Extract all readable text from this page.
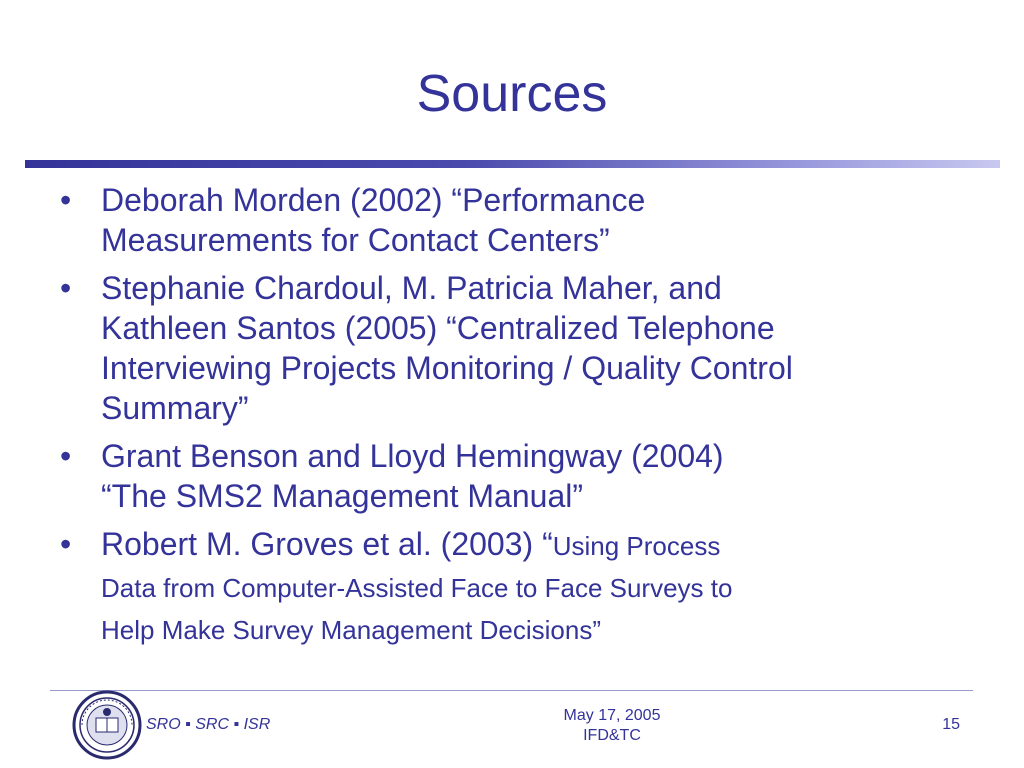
Sources
• Deborah Morden (2002) “Performance
Measurements for Contact Centers”
• Stephanie Chardoul, M. Patricia Maher, and
Kathleen Santos (2005) “Centralized Telephone
Interviewing Projects Monitoring / Quality Control
Summary”
• Grant Benson and Lloyd Hemingway (2004)
“The SMS2 Management Manual”
• Robert M. Groves et al. (2003) “Using Process
Data from Computer-Assisted Face to Face Surveys to
Help Make Survey Management Decisions”
SRO ▪ SRC ▪ ISR
May 17, 2005
IFD&TC
15
